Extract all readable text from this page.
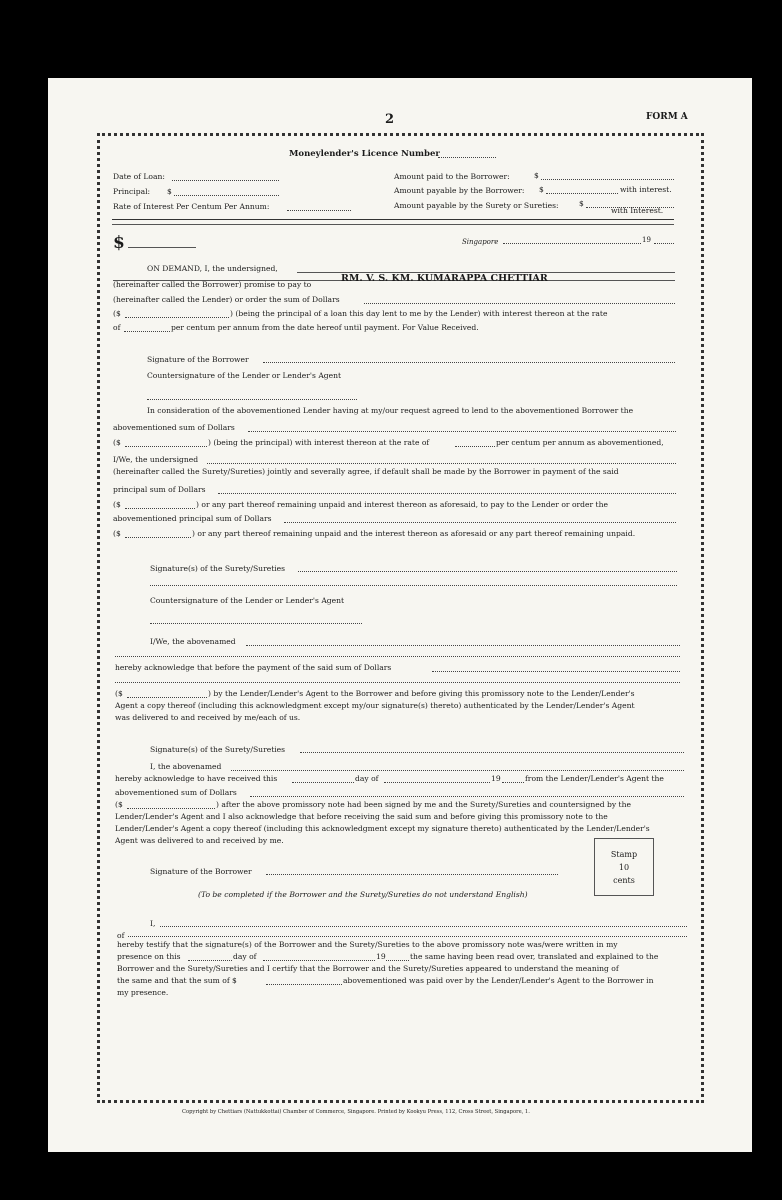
2	FORM A
Moneylender's Licence Number
Date of Loan:
Principal: $
Rate of Interest Per Centum Per Annum:
Amount paid to the Borrower:	$
Amount payable by the Borrower: $	with interest.
Amount payable by the Surety or Sureties:	$
with Interest.
$	Singapore	19
ON DEMAND, I, the undersigned,
(hereinafter called the Borrower) promise to pay to
RM. V. S. KM. KUMARAPPA CHETTIAR
(hereinafter called the Lender) or order the sum of Dollars
($	) (being the principal of a loan this day lent to me by the Lender) with interest thereon at the rate
of	per centum per annum from the date hereof until payment. For Value Received.
Signature of the Borrower
Countersignature of the Lender or Lender's Agent
In consideration of the abovementioned Lender having at my/our request agreed to lend to the abovementioned Borrower the
abovementioned sum of Dollars
($	) (being the principal) with interest thereon at the rate of	per centum per annum as abovementioned,
I/We, the undersigned
(hereinafter called the Surety/Sureties) jointly and severally agree, if default shall be made by the Borrower in payment of the said
principal sum of Dollars
($	) or any part thereof remaining unpaid and interest thereon as aforesaid, to pay to the Lender or order the
abovementioned principal sum of Dollars
($	) or any part thereof remaining unpaid and the interest thereon as aforesaid or any part thereof remaining unpaid.
Signature(s) of the Surety/Sureties
Countersignature of the Lender or Lender's Agent
I/We, the abovenamed
hereby acknowledge that before the payment of the said sum of Dollars
($	) by the Lender/Lender's Agent to the Borrower and before giving this promissory note to the Lender/Lender's
Agent a copy thereof (including this acknowledgment except my/our signature(s) thereto) authenticated by the Lender/Lender's Agent
was delivered to and received by me/each of us.
Signature(s) of the Surety/Sureties
I, the abovenamed
hereby acknowledge to have received this	day of	19	from the Lender/Lender's Agent the
abovementioned sum of Dollars
($	) after the above promissory note had been signed by me and the Surety/Sureties and countersigned by the
Lender/Lender's Agent and I also acknowledge that before receiving the said sum and before giving this promissory note to the
Lender/Lender's Agent a copy thereof (including this acknowledgment except my signature thereto) authenticated by the Lender/Lender's
Agent was delivered to and received by me.
Signature of the Borrower
Stamp
10
cents
(To be completed if the Borrower and the Surety/Sureties do not understand English)
I,
of
hereby testify that the signature(s) of the Borrower and the Surety/Sureties to the above promissory note was/were written in my
presence on this	day of	19	the same having been read over, translated and explained to the
Borrower and the Surety/Sureties and I certify that the Borrower and the Surety/Sureties appeared to understand the meaning of
the same and that the sum of $	abovementioned was paid over by the Lender/Lender's Agent to the Borrower in
my presence.
Copyright by Chettiars (Nattukkottai) Chamber of Commerce, Singapore. Printed by Kookyu Press, 112, Cross Street, Singapore, 1.
